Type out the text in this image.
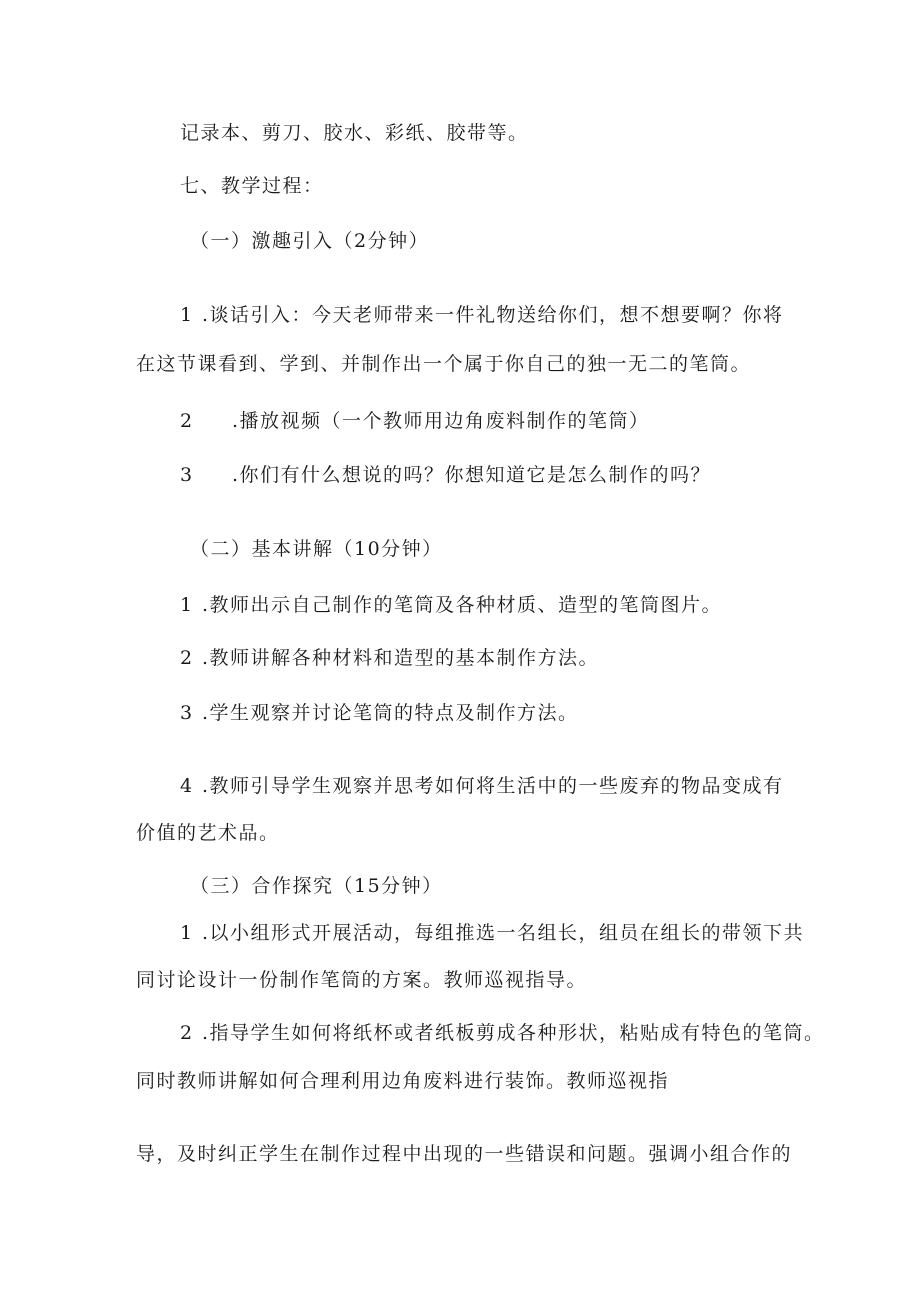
记录本、剪刀、胶水、彩纸、胶带等。
七、教学过程：
（一）激趣引入（2分钟）
1 .谈话引入：今天老师带来一件礼物送给你们，想不想要啊？你将
在这节课看到、学到、并制作出一个属于你自己的独一无二的笔筒。
2 .播放视频（一个教师用边角废料制作的笔筒）
3 .你们有什么想说的吗？你想知道它是怎么制作的吗？
（二）基本讲解（10分钟）
1 .教师出示自己制作的笔筒及各种材质、造型的笔筒图片。
2 .教师讲解各种材料和造型的基本制作方法。
3 .学生观察并讨论笔筒的特点及制作方法。
4 .教师引导学生观察并思考如何将生活中的一些废弃的物品变成有
价值的艺术品。
（三）合作探究（15分钟）
1 .以小组形式开展活动，每组推选一名组长，组员在组长的带领下共
同讨论设计一份制作笔筒的方案。教师巡视指导。
2 .指导学生如何将纸杯或者纸板剪成各种形状，粘贴成有特色的笔筒。
同时教师讲解如何合理利用边角废料进行装饰。教师巡视指
导，及时纠正学生在制作过程中出现的一些错误和问题。强调小组合作的
